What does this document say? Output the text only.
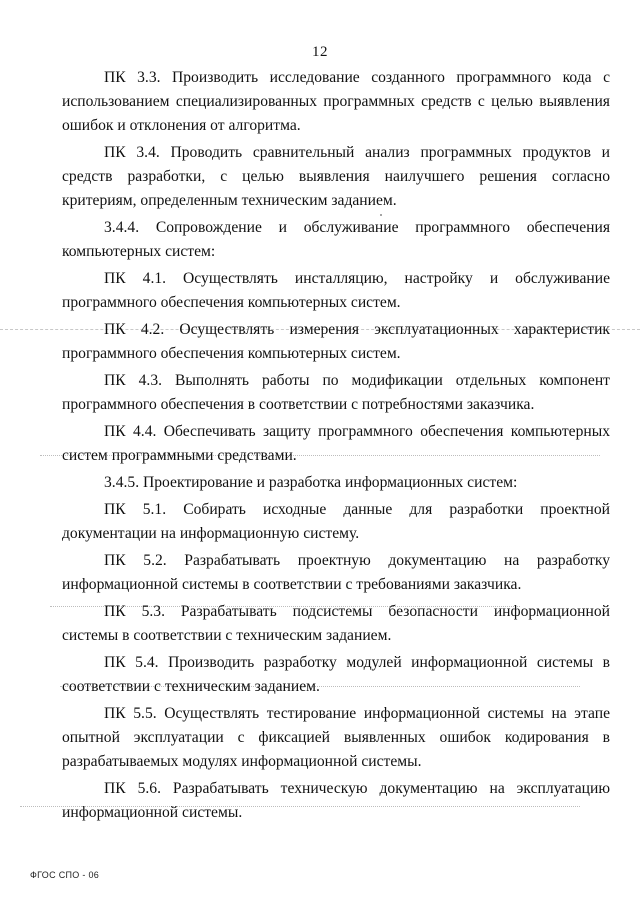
12

ПК 3.3. Производить исследование созданного программного кода с использованием специализированных программных средств с целью выявления ошибок и отклонения от алгоритма.

ПК 3.4. Проводить сравнительный анализ программных продуктов и средств разработки, с целью выявления наилучшего решения согласно критериям, определенным техническим заданием.

3.4.4. Сопровождение и обслуживание программного обеспечения компьютерных систем:

ПК 4.1. Осуществлять инсталляцию, настройку и обслуживание программного обеспечения компьютерных систем.

ПК 4.2. Осуществлять измерения эксплуатационных характеристик программного обеспечения компьютерных систем.

ПК 4.3. Выполнять работы по модификации отдельных компонент программного обеспечения в соответствии с потребностями заказчика.

ПК 4.4. Обеспечивать защиту программного обеспечения компьютерных систем программными средствами.

3.4.5. Проектирование и разработка информационных систем:

ПК 5.1. Собирать исходные данные для разработки проектной документации на информационную систему.

ПК 5.2. Разрабатывать проектную документацию на разработку информационной системы в соответствии с требованиями заказчика.

ПК 5.3. Разрабатывать подсистемы безопасности информационной системы в соответствии с техническим заданием.

ПК 5.4. Производить разработку модулей информационной системы в соответствии с техническим заданием.

ПК 5.5. Осуществлять тестирование информационной системы на этапе опытной эксплуатации с фиксацией выявленных ошибок кодирования в разрабатываемых модулях информационной системы.

ПК 5.6. Разрабатывать техническую документацию на эксплуатацию информационной системы.

ФГОС СПО - 06
